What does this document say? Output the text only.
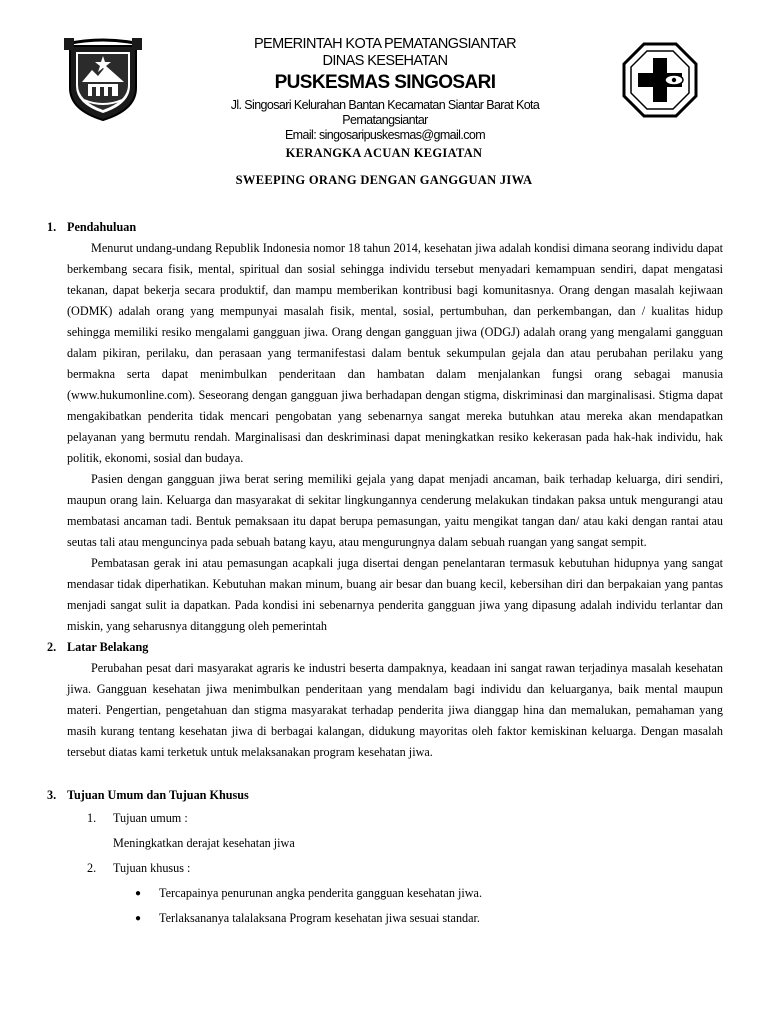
PEMERINTAH KOTA PEMATANGSIANTAR
DINAS KESEHATAN
PUSKESMAS SINGOSARI
Jl. Singosari Kelurahan Bantan Kecamatan Siantar Barat Kota
Pematangsiantar
Email: singosaripuskesmas@gmail.com
KERANGKA ACUAN KEGIATAN
SWEEPING ORANG DENGAN GANGGUAN JIWA
1. Pendahuluan

Menurut undang-undang Republik Indonesia nomor 18 tahun 2014, kesehatan jiwa adalah kondisi dimana seorang individu dapat berkembang secara fisik, mental, spiritual dan sosial sehingga individu tersebut menyadari kemampuan sendiri, dapat mengatasi tekanan, dapat bekerja secara produktif, dan mampu memberikan kontribusi bagi komunitasnya. Orang dengan masalah kejiwaan (ODMK) adalah orang yang mempunyai masalah fisik, mental, sosial, pertumbuhan, dan perkembangan, dan / kualitas hidup sehingga memiliki resiko mengalami gangguan jiwa. Orang dengan gangguan jiwa (ODGJ) adalah orang yang mengalami gangguan dalam pikiran, perilaku, dan perasaan yang termanifestasi dalam bentuk sekumpulan gejala dan atau perubahan perilaku yang bermakna serta dapat menimbulkan penderitaan dan hambatan dalam menjalankan fungsi orang sebagai manusia (www.hukumonline.com). Seseorang dengan gangguan jiwa berhadapan dengan stigma, diskriminasi dan marginalisasi. Stigma dapat mengakibatkan penderita tidak mencari pengobatan yang sebenarnya sangat mereka butuhkan atau mereka akan mendapatkan pelayanan yang bermutu rendah. Marginalisasi dan deskriminasi dapat meningkatkan resiko kekerasan pada hak-hak individu, hak politik, ekonomi, sosial dan budaya.

Pasien dengan gangguan jiwa berat sering memiliki gejala yang dapat menjadi ancaman, baik terhadap keluarga, diri sendiri, maupun orang lain. Keluarga dan masyarakat di sekitar lingkungannya cenderung melakukan tindakan paksa untuk mengurangi atau membatasi ancaman tadi. Bentuk pemaksaan itu dapat berupa pemasungan, yaitu mengikat tangan dan/ atau kaki dengan rantai atau seutas tali atau menguncinya pada sebuah batang kayu, atau mengurungnya dalam sebuah ruangan yang sangat sempit.

Pembatasan gerak ini atau pemasungan acapkali juga disertai dengan penelantaran termasuk kebutuhan hidupnya yang sangat mendasar tidak diperhatikan. Kebutuhan makan minum, buang air besar dan buang kecil, kebersihan diri dan berpakaian yang pantas menjadi sangat sulit ia dapatkan. Pada kondisi ini sebenarnya penderita gangguan jiwa yang dipasung adalah individu terlantar dan miskin, yang seharusnya ditanggung oleh pemerintah

2. Latar Belakang

Perubahan pesat dari masyarakat agraris ke industri beserta dampaknya, keadaan ini sangat rawan terjadinya masalah kesehatan jiwa. Gangguan kesehatan jiwa menimbulkan penderitaan yang mendalam bagi individu dan keluarganya, baik mental maupun materi. Pengertian, pengetahuan dan stigma masyarakat terhadap penderita jiwa dianggap hina dan memalukan, pemahaman yang masih kurang tentang kesehatan jiwa di berbagai kalangan, didukung mayoritas oleh faktor kemiskinan keluarga. Dengan masalah tersebut diatas kami terketuk untuk melaksanakan program kesehatan jiwa.

3. Tujuan Umum dan Tujuan Khusus
1. Tujuan umum :
Meningkatkan derajat kesehatan jiwa
2. Tujuan khusus :
●	Tercapainya penurunan angka penderita gangguan kesehatan jiwa.
●	Terlaksananya talalaksana Program kesehatan jiwa sesuai standar.
